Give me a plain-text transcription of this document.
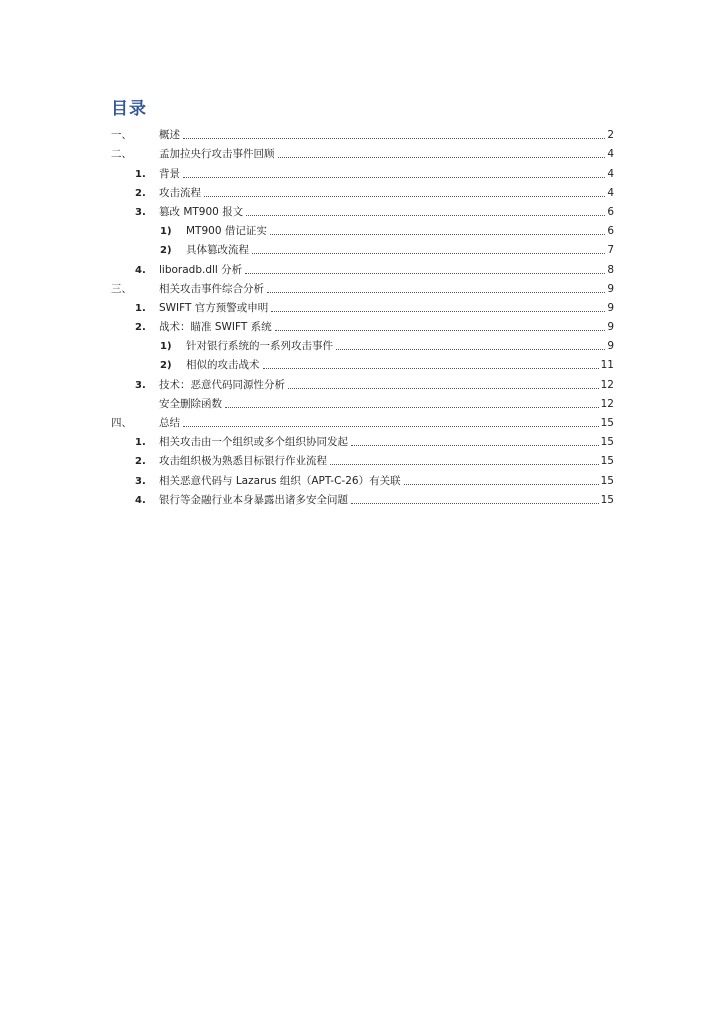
目录
一、	概述	2
二、	孟加拉央行攻击事件回顾	4
1. 背景	4
2. 攻击流程	4
3. 篡改 MT900 报文	6
1) MT900 借记证实	6
2) 具体篡改流程	7
4. liboradb.dll 分析	8
三、	相关攻击事件综合分析	9
1. SWIFT 官方预警或申明	9
2. 战术：瞄准 SWIFT 系统	9
1) 针对银行系统的一系列攻击事件	9
2) 相似的攻击战术	11
3. 技术：恶意代码同源性分析	12
安全删除函数	12
四、	总结	15
1. 相关攻击由一个组织或多个组织协同发起	15
2. 攻击组织极为熟悉目标银行作业流程	15
3. 相关恶意代码与 Lazarus 组织（APT-C-26）有关联	15
4. 银行等金融行业本身暴露出诸多安全问题	15
